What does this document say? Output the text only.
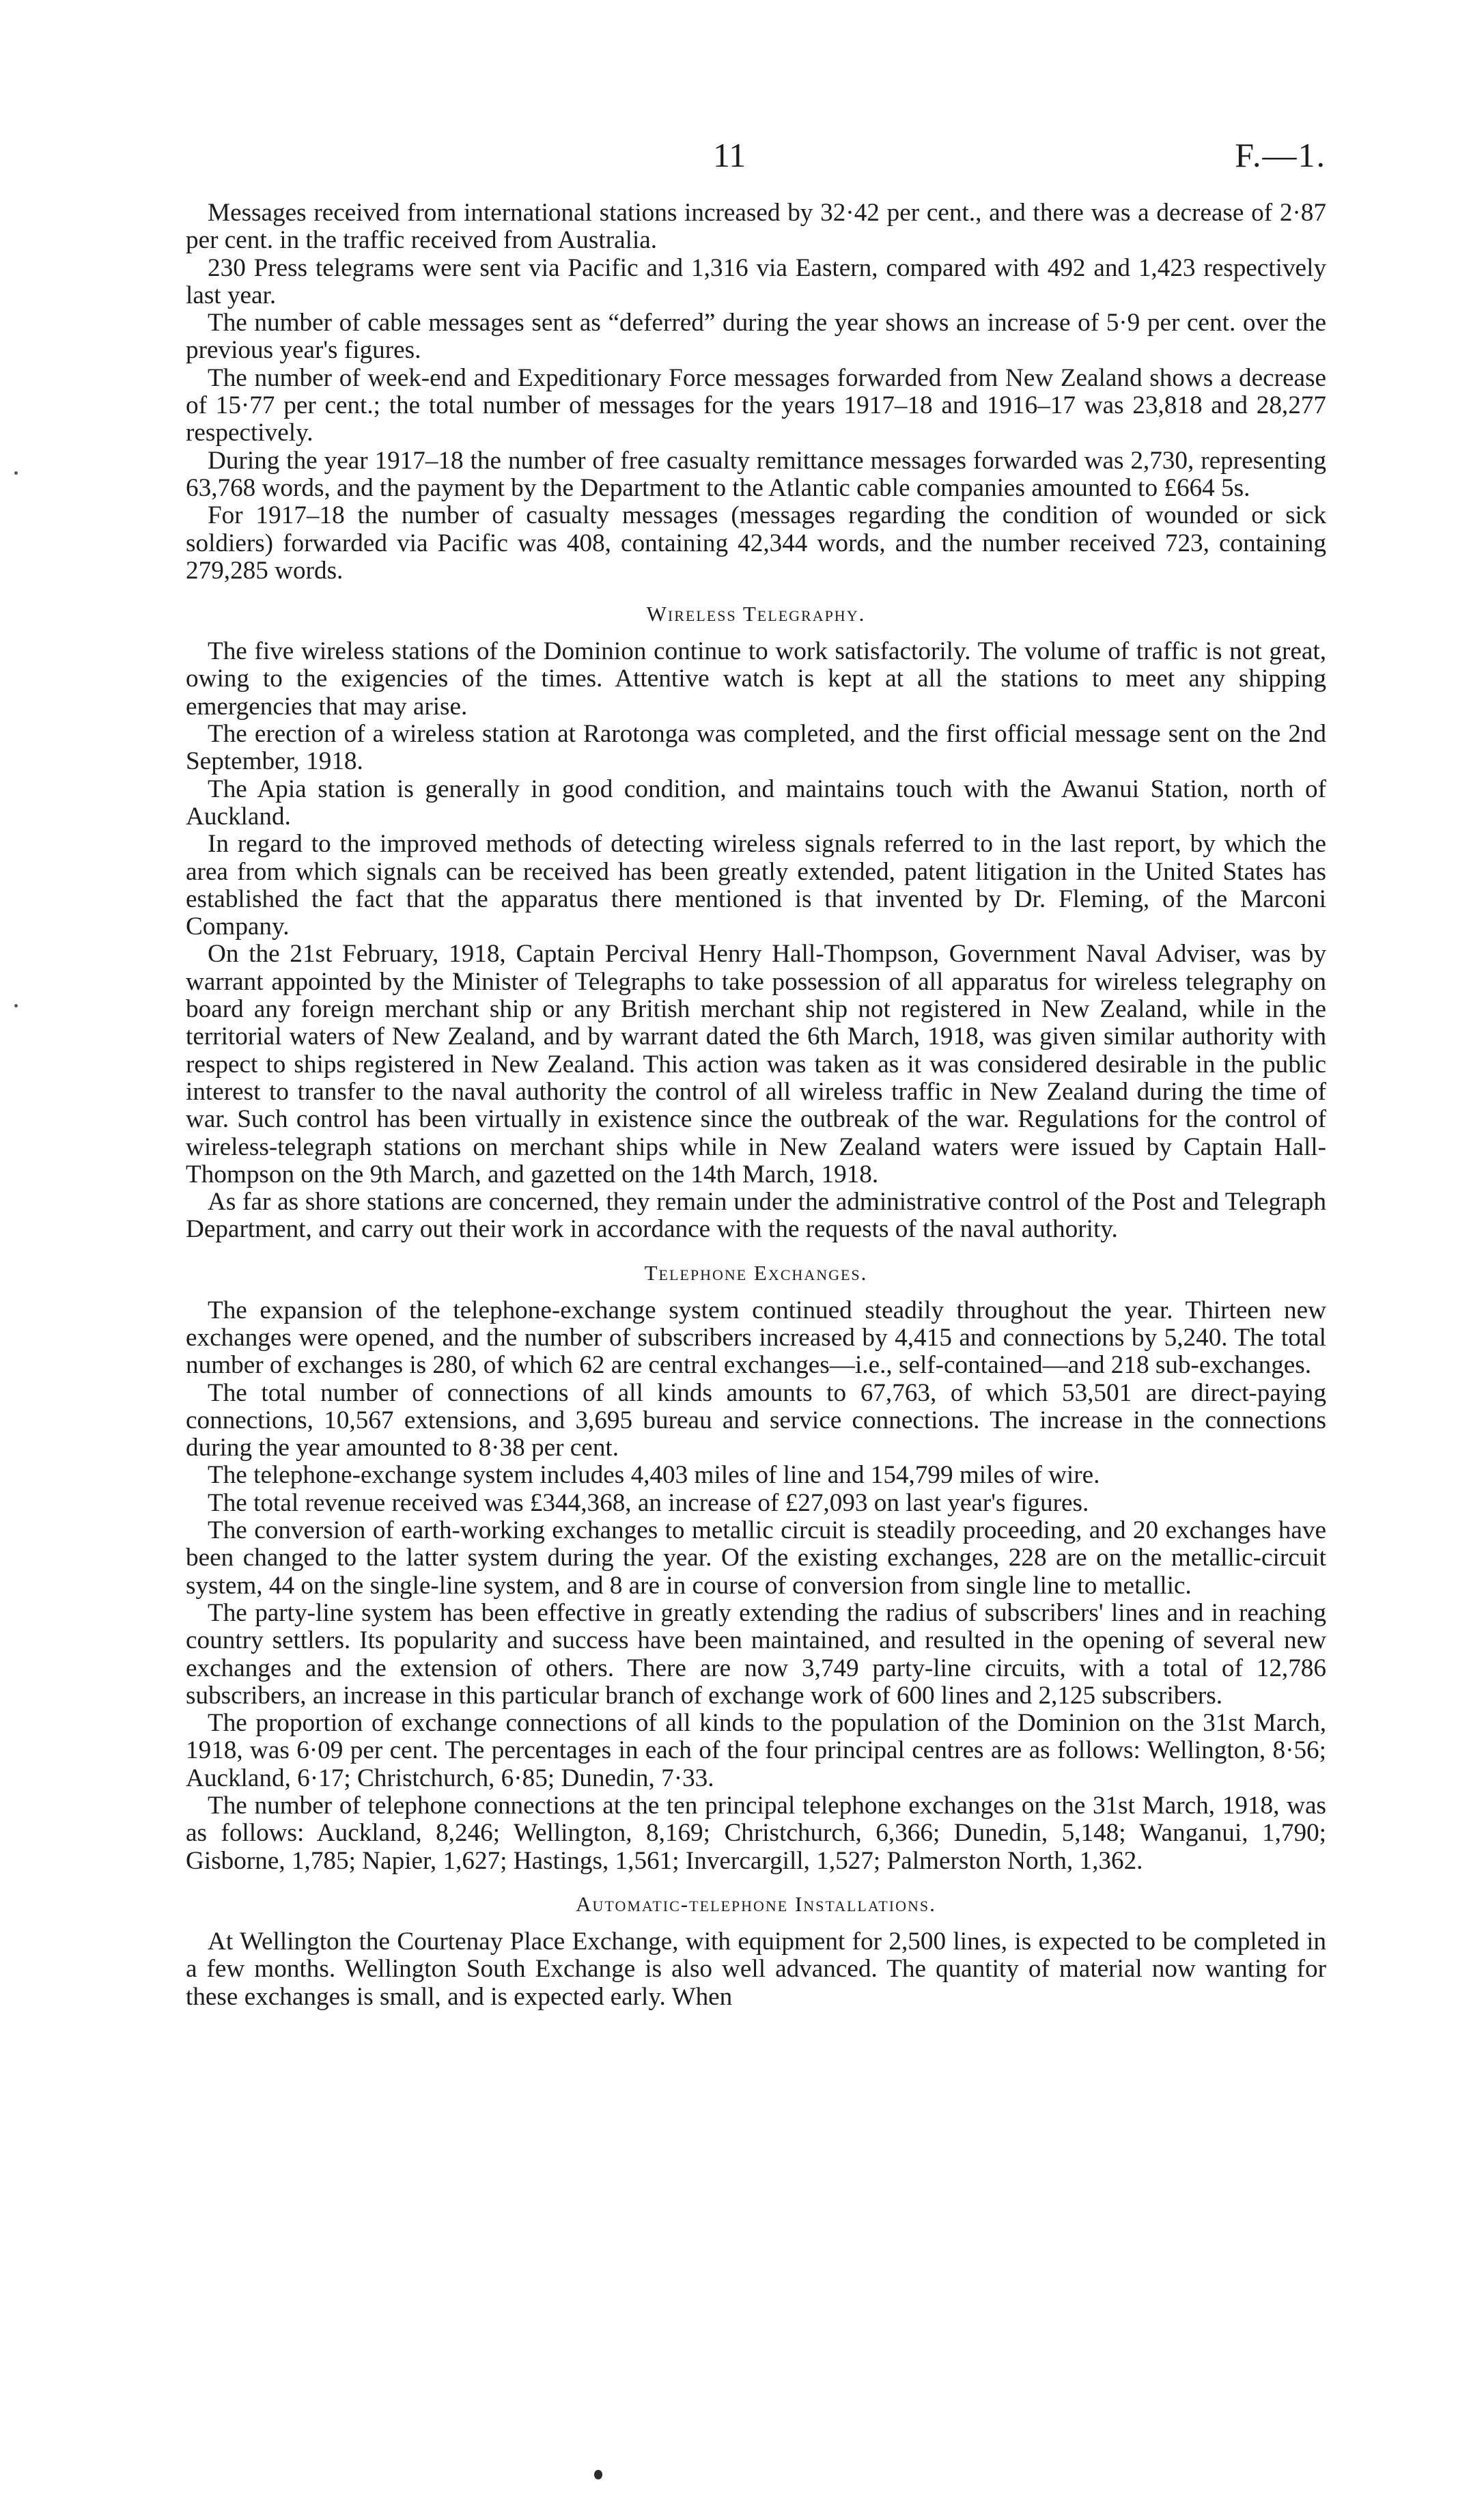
11	F.—1.

Messages received from international stations increased by 32·42 per cent., and there was a decrease of 2·87 per cent. in the traffic received from Australia.

230 Press telegrams were sent via Pacific and 1,316 via Eastern, compared with 492 and 1,423 respectively last year.

The number of cable messages sent as “deferred” during the year shows an increase of 5·9 per cent. over the previous year's figures.

The number of week-end and Expeditionary Force messages forwarded from New Zealand shows a decrease of 15·77 per cent.; the total number of messages for the years 1917–18 and 1916–17 was 23,818 and 28,277 respectively.

During the year 1917–18 the number of free casualty remittance messages forwarded was 2,730, representing 63,768 words, and the payment by the Department to the Atlantic cable companies amounted to £664 5s.

For 1917–18 the number of casualty messages (messages regarding the condition of wounded or sick soldiers) forwarded via Pacific was 408, containing 42,344 words, and the number received 723, containing 279,285 words.

Wireless Telegraphy.

The five wireless stations of the Dominion continue to work satisfactorily. The volume of traffic is not great, owing to the exigencies of the times. Attentive watch is kept at all the stations to meet any shipping emergencies that may arise.

The erection of a wireless station at Rarotonga was completed, and the first official message sent on the 2nd September, 1918.

The Apia station is generally in good condition, and maintains touch with the Awanui Station, north of Auckland.

In regard to the improved methods of detecting wireless signals referred to in the last report, by which the area from which signals can be received has been greatly extended, patent litigation in the United States has established the fact that the apparatus there mentioned is that invented by Dr. Fleming, of the Marconi Company.

On the 21st February, 1918, Captain Percival Henry Hall-Thompson, Government Naval Adviser, was by warrant appointed by the Minister of Telegraphs to take possession of all apparatus for wireless telegraphy on board any foreign merchant ship or any British merchant ship not registered in New Zealand, while in the territorial waters of New Zealand, and by warrant dated the 6th March, 1918, was given similar authority with respect to ships registered in New Zealand. This action was taken as it was considered desirable in the public interest to transfer to the naval authority the control of all wireless traffic in New Zealand during the time of war. Such control has been virtually in existence since the outbreak of the war. Regulations for the control of wireless-telegraph stations on merchant ships while in New Zealand waters were issued by Captain Hall-Thompson on the 9th March, and gazetted on the 14th March, 1918.

As far as shore stations are concerned, they remain under the administrative control of the Post and Telegraph Department, and carry out their work in accordance with the requests of the naval authority.

Telephone Exchanges.

The expansion of the telephone-exchange system continued steadily throughout the year. Thirteen new exchanges were opened, and the number of subscribers increased by 4,415 and connections by 5,240. The total number of exchanges is 280, of which 62 are central exchanges—i.e., self-contained—and 218 sub-exchanges.

The total number of connections of all kinds amounts to 67,763, of which 53,501 are direct-paying connections, 10,567 extensions, and 3,695 bureau and service connections. The increase in the connections during the year amounted to 8·38 per cent.

The telephone-exchange system includes 4,403 miles of line and 154,799 miles of wire.

The total revenue received was £344,368, an increase of £27,093 on last year's figures.

The conversion of earth-working exchanges to metallic circuit is steadily proceeding, and 20 exchanges have been changed to the latter system during the year. Of the existing exchanges, 228 are on the metallic-circuit system, 44 on the single-line system, and 8 are in course of conversion from single line to metallic.

The party-line system has been effective in greatly extending the radius of subscribers' lines and in reaching country settlers. Its popularity and success have been maintained, and resulted in the opening of several new exchanges and the extension of others. There are now 3,749 party-line circuits, with a total of 12,786 subscribers, an increase in this particular branch of exchange work of 600 lines and 2,125 subscribers.

The proportion of exchange connections of all kinds to the population of the Dominion on the 31st March, 1918, was 6·09 per cent. The percentages in each of the four principal centres are as follows: Wellington, 8·56; Auckland, 6·17; Christchurch, 6·85; Dunedin, 7·33.

The number of telephone connections at the ten principal telephone exchanges on the 31st March, 1918, was as follows: Auckland, 8,246; Wellington, 8,169; Christchurch, 6,366; Dunedin, 5,148; Wanganui, 1,790; Gisborne, 1,785; Napier, 1,627; Hastings, 1,561; Invercargill, 1,527; Palmerston North, 1,362.

Automatic-telephone Installations.

At Wellington the Courtenay Place Exchange, with equipment for 2,500 lines, is expected to be completed in a few months. Wellington South Exchange is also well advanced. The quantity of material now wanting for these exchanges is small, and is expected early. When
